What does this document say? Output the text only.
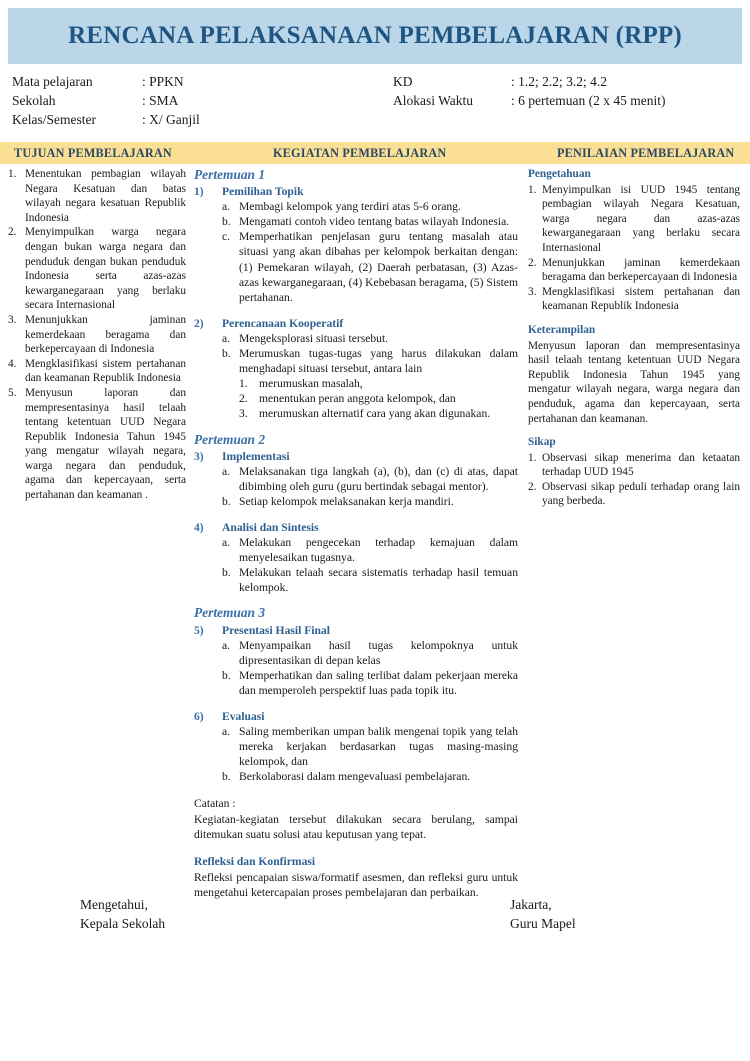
RENCANA PELAKSANAAN PEMBELAJARAN (RPP)
Mata pelajaran	: PPKN
Sekolah	: SMA
Kelas/Semester	: X/ Ganjil
KD	: 1.2; 2.2; 3.2; 4.2
Alokasi Waktu	: 6 pertemuan (2 x 45 menit)
TUJUAN PEMBELAJARAN	KEGIATAN PEMBELAJARAN	PENILAIAN PEMBELAJARAN
1. Menentukan pembagian wilayah Negara Kesatuan dan batas wilayah negara kesatuan Republik Indonesia
2. Menyimpulkan warga negara dengan bukan warga negara dan penduduk dengan bukan penduduk Indonesia serta azas-azas kewarganegaraan yang berlaku secara Internasional
3. Menunjukkan jaminan kemerdekaan beragama dan berkepercayaan di Indonesia
4. Mengklasifikasi sistem pertahanan dan keamanan Republik Indonesia
5. Menyusun laporan dan mempresentasinya hasil telaah tentang ketentuan UUD Negara Republik Indonesia Tahun 1945 yang mengatur wilayah negara, warga negara dan penduduk, agama dan kepercayaan, serta pertahanan dan keamanan .
Pertemuan 1
1) Pemilihan Topik
a. Membagi kelompok yang terdiri atas 5-6 orang.
b. Mengamati contoh video tentang batas wilayah Indonesia.
c. Memperhatikan penjelasan guru tentang masalah atau situasi yang akan dibahas per kelompok berkaitan dengan: (1) Pemekaran wilayah, (2) Daerah perbatasan, (3) Azas-azas kewarganegaraan, (4) Kebebasan beragama, (5) Sistem pertahanan.
2) Perencanaan Kooperatif
a. Mengeksplorasi situasi tersebut.
b. Merumuskan tugas-tugas yang harus dilakukan dalam menghadapi situasi tersebut, antara lain
1. merumuskan masalah,
2. menentukan peran anggota kelompok, dan
3. merumuskan alternatif cara yang akan digunakan.
Pertemuan 2
3) Implementasi
a. Melaksanakan tiga langkah (a), (b), dan (c) di atas, dapat dibimbing oleh guru (guru bertindak sebagai mentor).
b. Setiap kelompok melaksanakan kerja mandiri.
4) Analisi dan Sintesis
a. Melakukan pengecekan terhadap kemajuan dalam menyelesaikan tugasnya.
b. Melakukan telaah secara sistematis terhadap hasil temuan kelompok.
Pertemuan 3
5) Presentasi Hasil Final
a. Menyampaikan hasil tugas kelompoknya untuk dipresentasikan di depan kelas
b. Memperhatikan dan saling terlibat dalam pekerjaan mereka dan memperoleh perspektif luas pada topik itu.
6) Evaluasi
a. Saling memberikan umpan balik mengenai topik yang telah mereka kerjakan berdasarkan tugas masing-masing kelompok, dan
b. Berkolaborasi dalam mengevaluasi pembelajaran.
Catatan :
Kegiatan-kegiatan tersebut dilakukan secara berulang, sampai ditemukan suatu solusi atau keputusan yang tepat.
Refleksi dan Konfirmasi
Refleksi pencapaian siswa/formatif asesmen, dan refleksi guru untuk mengetahui ketercapaian proses pembelajaran dan perbaikan.
Pengetahuan
1. Menyimpulkan isi UUD 1945 tentang pembagian wilayah Negara Kesatuan, warga negara dan azas-azas kewarganegaraan yang berlaku secara Internasional
2. Menunjukkan jaminan kemerdekaan beragama dan berkepercayaan di Indonesia
3. Mengklasifikasi sistem pertahanan dan keamanan Republik Indonesia
Keterampilan
Menyusun laporan dan mempresentasinya hasil telaah tentang ketentuan UUD Negara Republik Indonesia Tahun 1945 yang mengatur wilayah negara, warga negara dan penduduk, agama dan kepercayaan, serta pertahanan dan keamanan.
Sikap
1. Observasi sikap menerima dan ketaatan terhadap UUD 1945
2. Observasi sikap peduli terhadap orang lain yang berbeda.
Mengetahui,
Kepala Sekolah
Jakarta,
Guru Mapel
